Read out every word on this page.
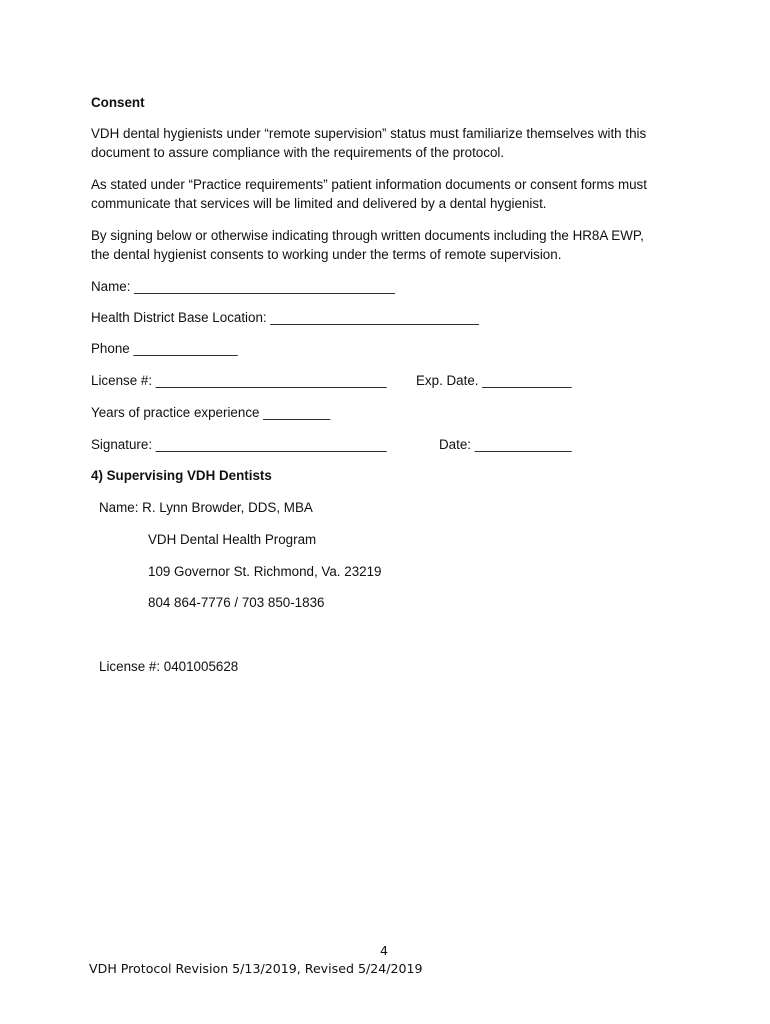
Consent
VDH dental hygienists under “remote supervision” status must familiarize themselves with this
document to assure compliance with the requirements of the protocol.
As stated under “Practice requirements” patient information documents or consent forms must
communicate that services will be limited and delivered by a dental hygienist.
By signing below or otherwise indicating through written documents including the HR8A EWP,
the dental hygienist consents to working under the terms of remote supervision.
Name: ___________________________________
Health District Base Location: ____________________________
Phone ______________
License #: _______________________________ Exp. Date. ____________
Years of practice experience _________
Signature: _______________________________	Date: _____________
4) Supervising VDH Dentists
Name: R. Lynn Browder, DDS, MBA
VDH Dental Health Program
109 Governor St. Richmond, Va. 23219
804 864-7776 / 703 850-1836
License #: 0401005628
4
VDH Protocol Revision 5/13/2019, Revised 5/24/2019
